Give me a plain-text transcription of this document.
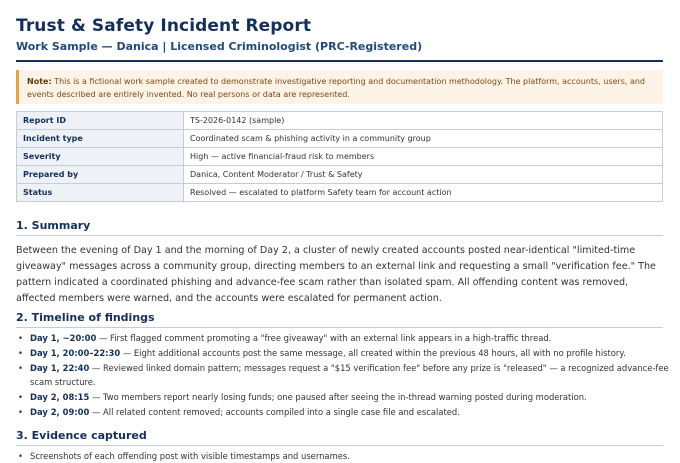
Trust & Safety Incident Report
Work Sample — Danica | Licensed Criminologist (PRC-Registered)
Note: This is a fictional work sample created to demonstrate investigative reporting and documentation methodology. The platform, accounts, users, and events described are entirely invented. No real persons or data are represented.
Report ID	TS-2026-0142 (sample)
Incident type	Coordinated scam & phishing activity in a community group
Severity	High — active financial-fraud risk to members
Prepared by	Danica, Content Moderator / Trust & Safety
Status	Resolved — escalated to platform Safety team for account action
1. Summary
Between the evening of Day 1 and the morning of Day 2, a cluster of newly created accounts posted near-identical "limited-time giveaway" messages across a community group, directing members to an external link and requesting a small "verification fee." The pattern indicated a coordinated phishing and advance-fee scam rather than isolated spam. All offending content was removed, affected members were warned, and the accounts were escalated for permanent action.
2. Timeline of findings
• Day 1, ~20:00 — First flagged comment promoting a "free giveaway" with an external link appears in a high-traffic thread.
• Day 1, 20:00–22:30 — Eight additional accounts post the same message, all created within the previous 48 hours, all with no profile history.
• Day 1, 22:40 — Reviewed linked domain pattern; messages request a "$15 verification fee" before any prize is "released" — a recognized advance-fee scam structure.
• Day 2, 08:15 — Two members report nearly losing funds; one paused after seeing the in-thread warning posted during moderation.
• Day 2, 09:00 — All related content removed; accounts compiled into a single case file and escalated.
3. Evidence captured
• Screenshots of each offending post with visible timestamps and usernames.
